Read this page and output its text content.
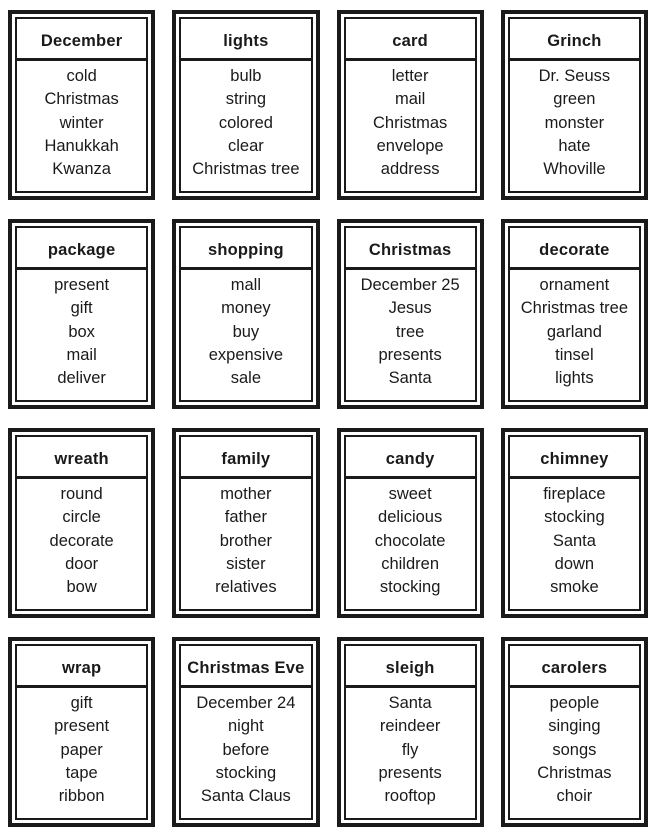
December
cold
Christmas
winter
Hanukkah
Kwanza
lights
bulb
string
colored
clear
Christmas tree
card
letter
mail
Christmas
envelope
address
Grinch
Dr. Seuss
green
monster
hate
Whoville
package
present
gift
box
mail
deliver
shopping
mall
money
buy
expensive
sale
Christmas
December 25
Jesus
tree
presents
Santa
decorate
ornament
Christmas tree
garland
tinsel
lights
wreath
round
circle
decorate
door
bow
family
mother
father
brother
sister
relatives
candy
sweet
delicious
chocolate
children
stocking
chimney
fireplace
stocking
Santa
down
smoke
wrap
gift
present
paper
tape
ribbon
Christmas Eve
December 24
night
before
stocking
Santa Claus
sleigh
Santa
reindeer
fly
presents
rooftop
carolers
people
singing
songs
Christmas
choir
